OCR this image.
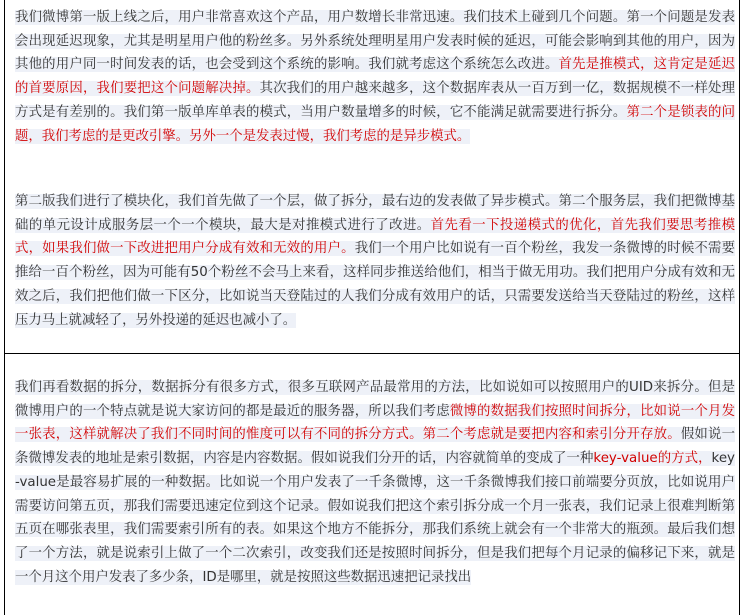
我们微博第一版上线之后，用户非常喜欢这个产品，用户数增长非常迅速。我们技术上碰到几个问题。第一个问题是发表会出现延迟现象，尤其是明星用户他的粉丝多。另外系统处理明星用户发表时候的延迟，可能会影响到其他的用户，因为其他的用户同一时间发表的话，也会受到这个系统的影响。我们就考虑这个系统怎么改进。首先是推模式，这肯定是延迟的首要原因，我们要把这个问题解决掉。其次我们的用户越来越多，这个数据库表从一百万到一亿，数据规模不一样处理方式是有差别的。我们第一版单库单表的模式，当用户数量增多的时候，它不能满足就需要进行拆分。第二个是锁表的问题，我们考虑的是更改引擎。另外一个是发表过慢，我们考虑的是异步模式。
第二版我们进行了模块化，我们首先做了一个层，做了拆分，最右边的发表做了异步模式。第二个服务层，我们把微博基础的单元设计成服务层一个一个模块，最大是对推模式进行了改进。首先看一下投递模式的优化，首先我们要思考推模式，如果我们做一下改进把用户分成有效和无效的用户。我们一个用户比如说有一百个粉丝，我发一条微博的时候不需要推给一百个粉丝，因为可能有50个粉丝不会马上来看，这样同步推送给他们，相当于做无用功。我们把用户分成有效和无效之后，我们把他们做一下区分，比如说当天登陆过的人我们分成有效用户的话，只需要发送给当天登陆过的粉丝，这样压力马上就减轻了，另外投递的延迟也减小了。
我们再看数据的拆分，数据拆分有很多方式，很多互联网产品最常用的方法，比如说如可以按照用户的UID来拆分。但是微博用户的一个特点就是说大家访问的都是最近的服务器，所以我们考虑微博的数据我们按照时间拆分，比如说一个月发一张表，这样就解决了我们不同时间的惟度可以有不同的拆分方式。第二个考虑就是要把内容和索引分开存放。假如说一条微博发表的地址是索引数据，内容是内容数据。假如说我们分开的话，内容就简单的变成了一种key-value的方式，key-value是最容易扩展的一种数据。比如说一个用户发表了一千条微博，这一千条微博我们接口前端要分页放，比如说用户需要访问第五页，那我们需要迅速定位到这个记录。假如说我们把这个索引拆分成一个月一张表，我们记录上很难判断第五页在哪张表里，我们需要索引所有的表。如果这个地方不能拆分，那我们系统上就会有一个非常大的瓶颈。最后我们想了一个方法，就是说索引上做了一个二次索引，改变我们还是按照时间拆分，但是我们把每个月记录的偏移记下来，就是一个月这个用户发表了多少条，ID是哪里，就是按照这些数据迅速把记录找出
